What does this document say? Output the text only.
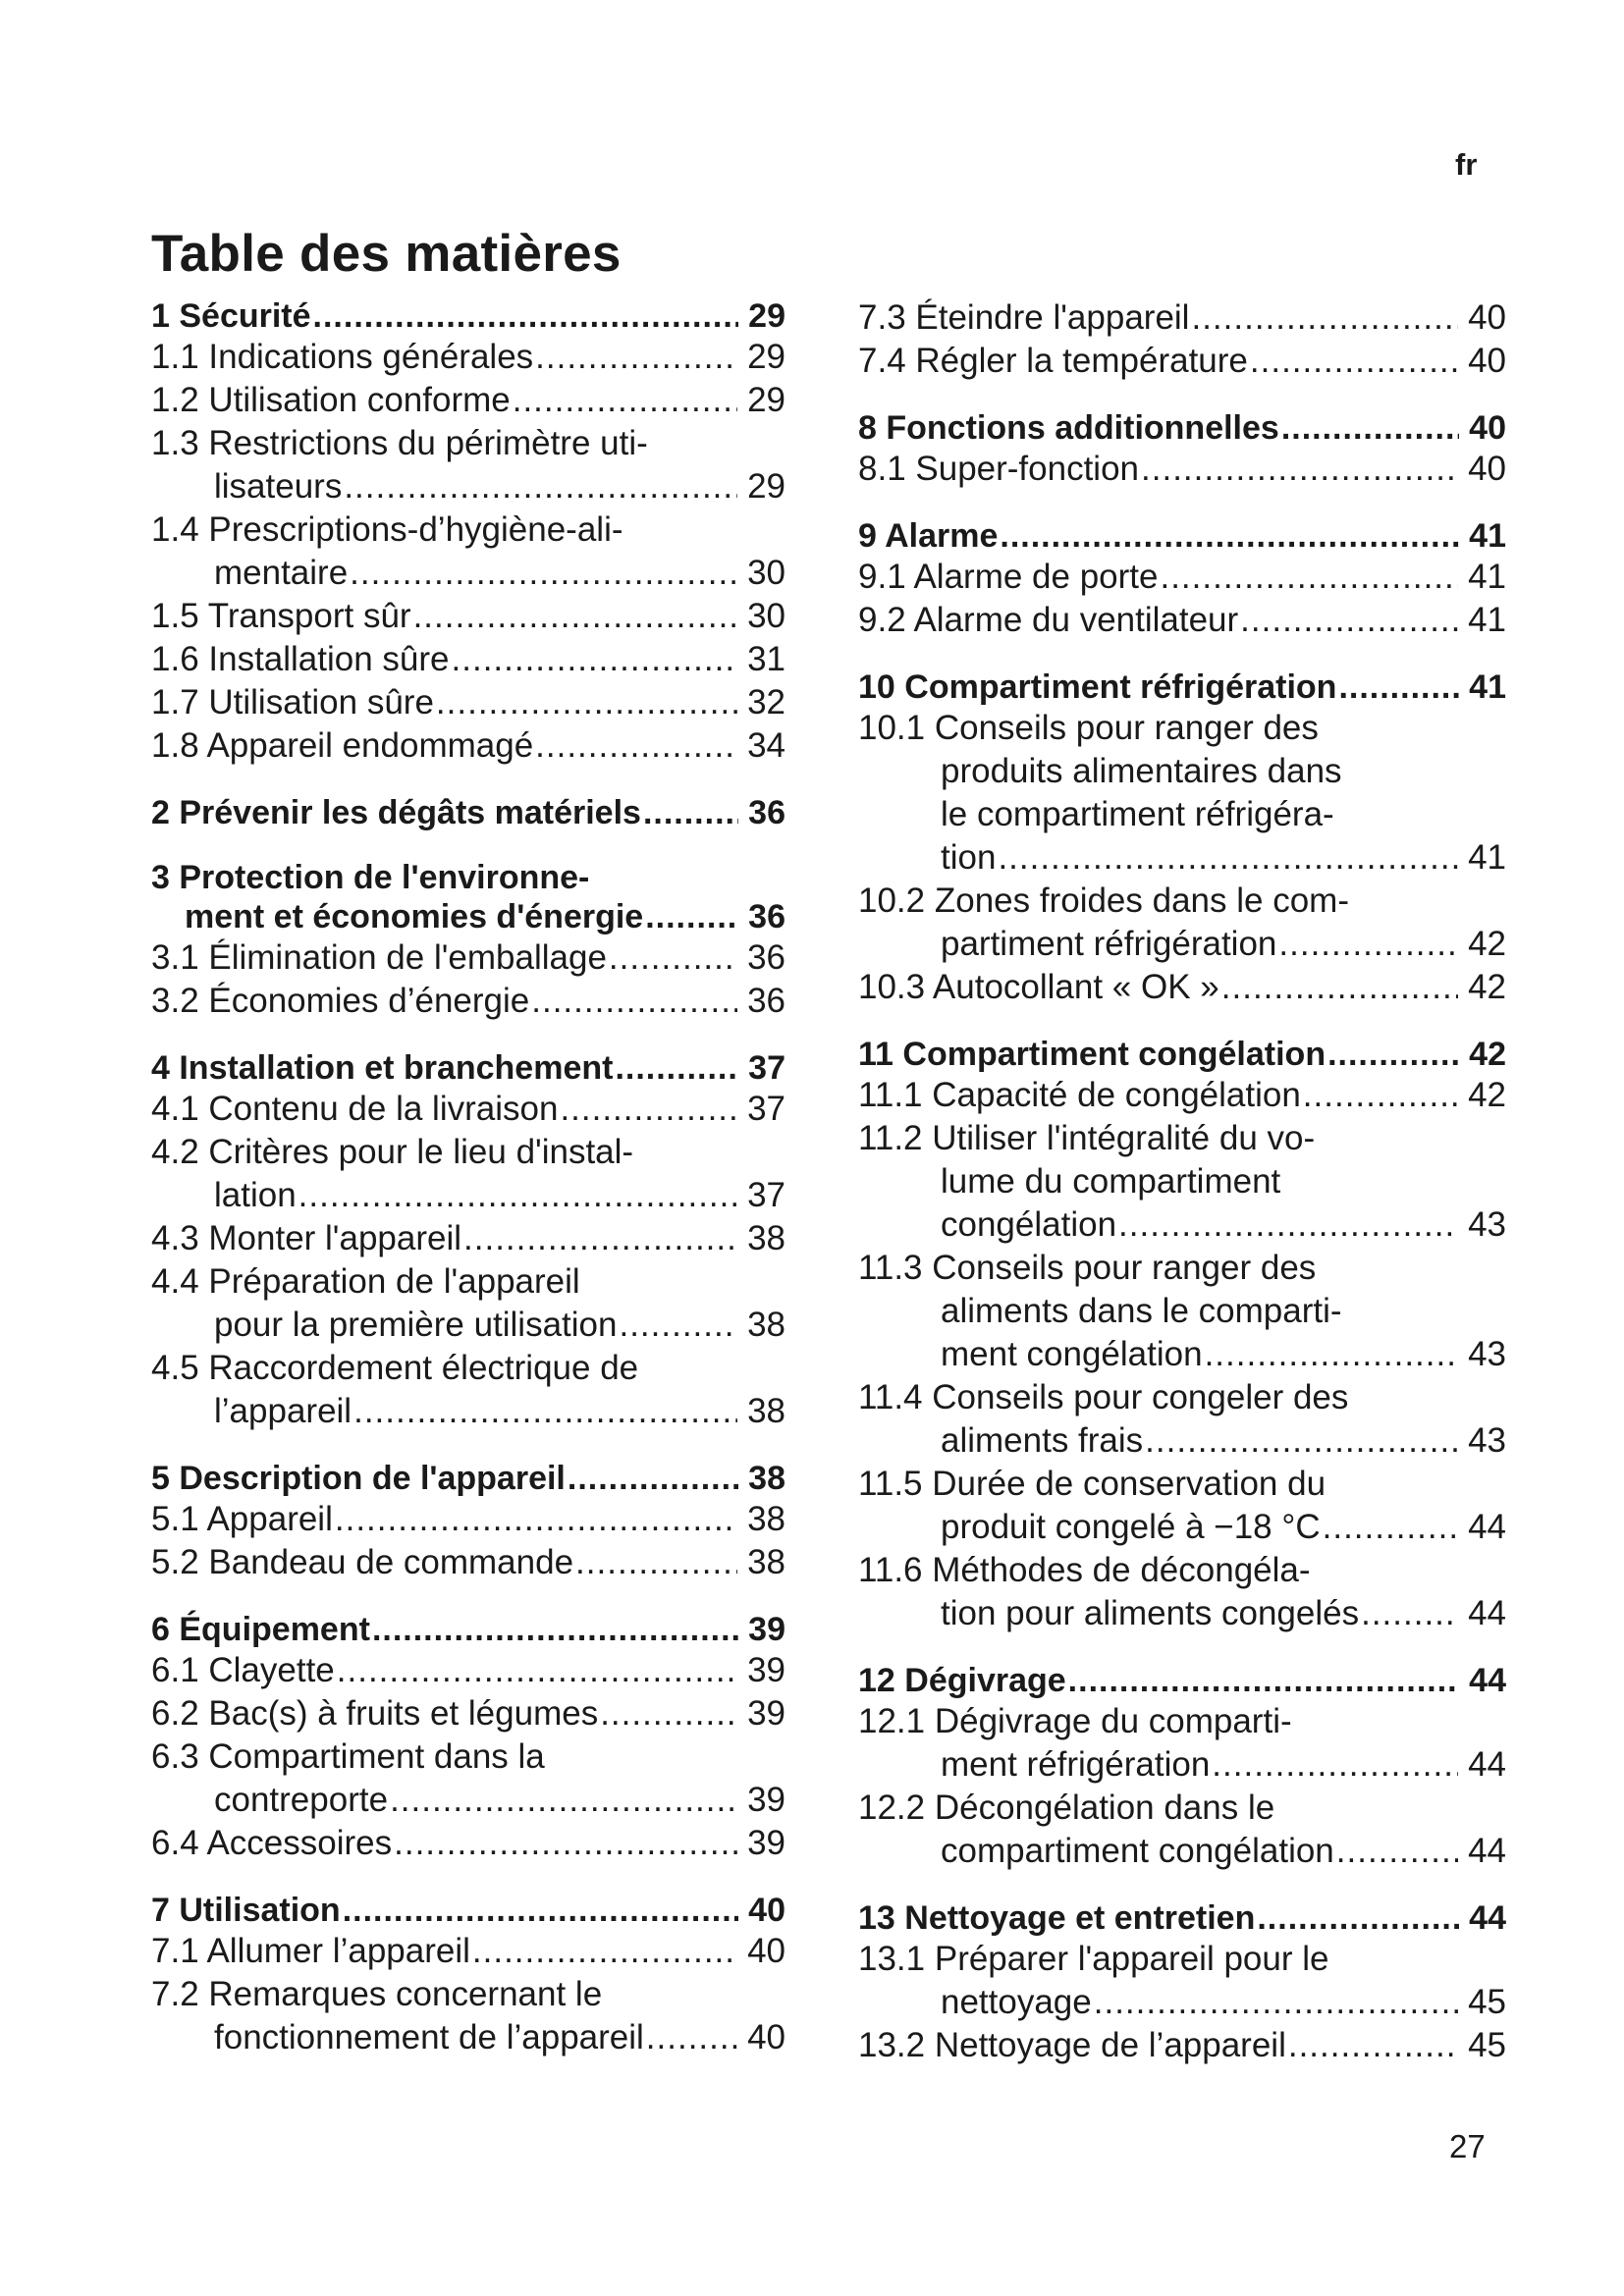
fr
Table des matières
1 Sécurité .....	29
1.1 Indications générales .....	29
1.2 Utilisation conforme .....	29
1.3 Restrictions du périmètre uti-
lisateurs .....	29
1.4 Prescriptions-d’hygiène-ali-
mentaire .....	30
1.5 Transport sûr .....	30
1.6 Installation sûre .....	31
1.7 Utilisation sûre .....	32
1.8 Appareil endommagé .....	34
2 Prévenir les dégâts matériels .....	36
3 Protection de l'environne-
ment et économies d'énergie .....	36
3.1 Élimination de l'emballage .....	36
3.2 Économies d’énergie .....	36
4 Installation et branchement .....	37
4.1 Contenu de la livraison .....	37
4.2 Critères pour le lieu d'instal-
lation .....	37
4.3 Monter l'appareil .....	38
4.4 Préparation de l'appareil
pour la première utilisation .....	38
4.5 Raccordement électrique de
l’appareil .....	38
5 Description de l'appareil .....	38
5.1 Appareil .....	38
5.2 Bandeau de commande .....	38
6 Équipement .....	39
6.1 Clayette .....	39
6.2 Bac(s) à fruits et légumes .....	39
6.3 Compartiment dans la
contreporte .....	39
6.4 Accessoires .....	39
7 Utilisation .....	40
7.1 Allumer l’appareil .....	40
7.2 Remarques concernant le
fonctionnement de l’appareil .....	40
7.3 Éteindre l'appareil .....	40
7.4 Régler la température .....	40
8 Fonctions additionnelles .....	40
8.1 Super-fonction .....	40
9 Alarme .....	41
9.1 Alarme de porte .....	41
9.2 Alarme du ventilateur .....	41
10 Compartiment réfrigération .....	41
10.1 Conseils pour ranger des
produits alimentaires dans
le compartiment réfrigéra-
tion .....	41
10.2 Zones froides dans le com-
partiment réfrigération .....	42
10.3 Autocollant « OK » .....	42
11 Compartiment congélation .....	42
11.1 Capacité de congélation .....	42
11.2 Utiliser l'intégralité du vo-
lume du compartiment
congélation .....	43
11.3 Conseils pour ranger des
aliments dans le comparti-
ment congélation .....	43
11.4 Conseils pour congeler des
aliments frais .....	43
11.5 Durée de conservation du
produit congelé à −18 °C .....	44
11.6 Méthodes de décongéla-
tion pour aliments congelés .....	44
12 Dégivrage .....	44
12.1 Dégivrage du comparti-
ment réfrigération .....	44
12.2 Décongélation dans le
compartiment congélation .....	44
13 Nettoyage et entretien .....	44
13.1 Préparer l'appareil pour le
nettoyage .....	45
13.2 Nettoyage de l’appareil .....	45
27
